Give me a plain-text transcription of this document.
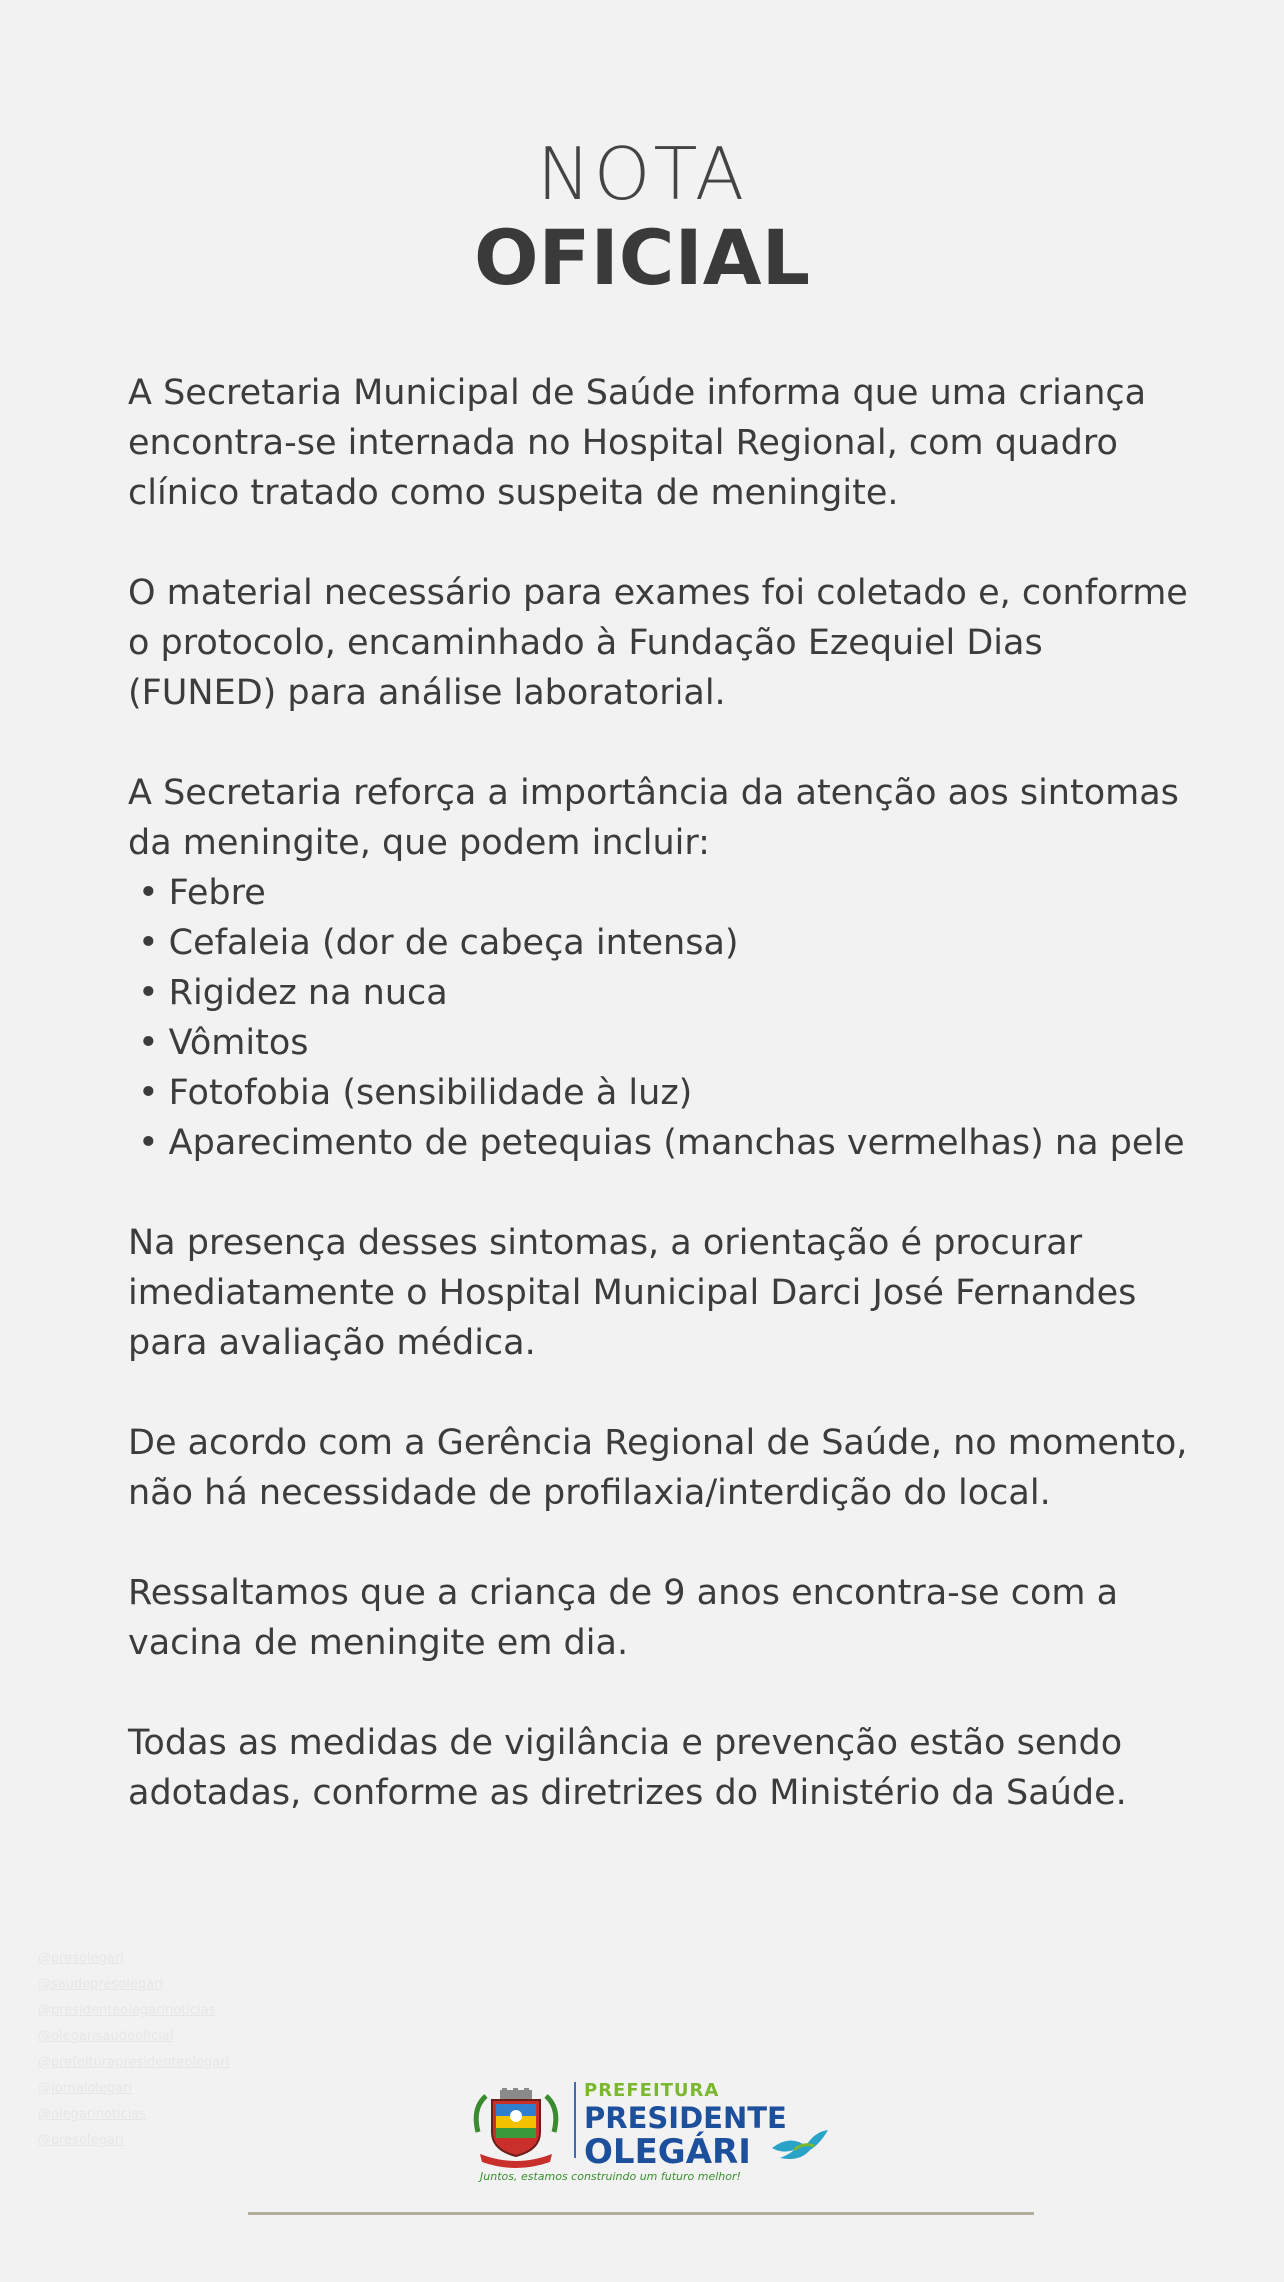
NOTA
OFICIAL

A Secretaria Municipal de Saúde informa que uma criança encontra-se internada no Hospital Regional, com quadro clínico tratado como suspeita de meningite.

O material necessário para exames foi coletado e, conforme o protocolo, encaminhado à Fundação Ezequiel Dias (FUNED) para análise laboratorial.

A Secretaria reforça a importância da atenção aos sintomas da meningite, que podem incluir:

• Febre
• Cefaleia (dor de cabeça intensa)
• Rigidez na nuca
• Vômitos
• Fotofobia (sensibilidade à luz)
• Aparecimento de petequias (manchas vermelhas) na pele

Na presença desses sintomas, a orientação é procurar imediatamente o Hospital Municipal Darci José Fernandes para avaliação médica.

De acordo com a Gerência Regional de Saúde, no momento, não há necessidade de profilaxia/interdição do local.

Ressaltamos que a criança de 9 anos encontra-se com a vacina de meningite em dia.

Todas as medidas de vigilância e prevenção estão sendo adotadas, conforme as diretrizes do Ministério da Saúde.

@presolegari
@saudepresolegari
@presidenteolegarinoticias
@olegarisaudeoficial
@prefeiturapresidenteolegari
@jornalolegari
@olegarinoticias
@presolegari
PREFEITURA
PRESIDENTE
OLEGÁRI
Juntos, estamos construindo um futuro melhor!
